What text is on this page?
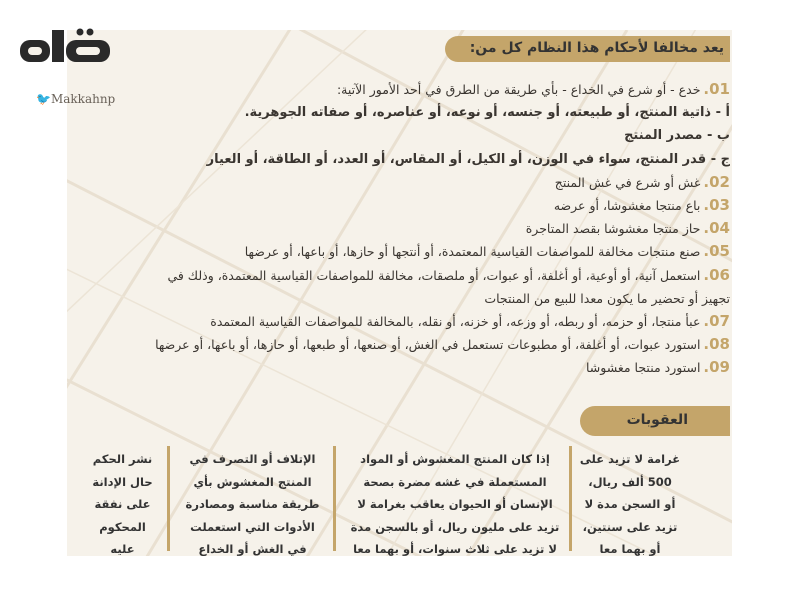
🐦Makkahnp
يعد مخالفا لأحكام هذا النظام كل من:
01.خدع - أو شرع في الخداع - بأي طريقة من الطرق في أحد الأمور الآتية:
أ - ذاتية المنتج، أو طبيعته، أو جنسه، أو نوعه، أو عناصره، أو صفاته الجوهرية.
ب - مصدر المنتج
ج - قدر المنتج، سواء في الوزن، أو الكيل، أو المقاس، أو العدد، أو الطاقة، أو العيار
02.غش أو شرع في غش المنتج
03.باع منتجا مغشوشا، أو عرضه
04.حاز منتجا مغشوشا بقصد المتاجرة
05.صنع منتجات مخالفة للمواصفات القياسية المعتمدة، أو أنتجها أو حازها، أو باعها، أو عرضها
06.استعمل آنية، أو أوعية، أو أغلفة، أو عبوات، أو ملصقات، مخالفة للمواصفات القياسية المعتمدة، وذلك في
تجهيز أو تحضير ما يكون معدا للبيع من المنتجات
07.عبأ منتجا، أو حزمه، أو ربطه، أو وزعه، أو خزنه، أو نقله، بالمخالفة للمواصفات القياسية المعتمدة
08.استورد عبوات، أو أغلفة، أو مطبوعات تستعمل في الغش، أو صنعها، أو طبعها، أو حازها، أو باعها، أو عرضها
09.استورد منتجا مغشوشا
العقوبات
غرامة لا تزيد على
500 ألف ريال،
أو السجن مدة لا
تزيد على سنتين،
أو بهما معا
إذا كان المنتج المغشوش أو المواد
المستعملة في غشه مضرة بصحة
الإنسان أو الحيوان يعاقب بغرامة لا
تزيد على مليون ريال، أو بالسجن مدة
لا تزيد على ثلاث سنوات، أو بهما معا
الإتلاف أو التصرف في
المنتج المغشوش بأي
طريقة مناسبة ومصادرة
الأدوات التي استعملت
في الغش أو الخداع
نشر الحكم
حال الإدانة
على نفقة
المحكوم
عليه
